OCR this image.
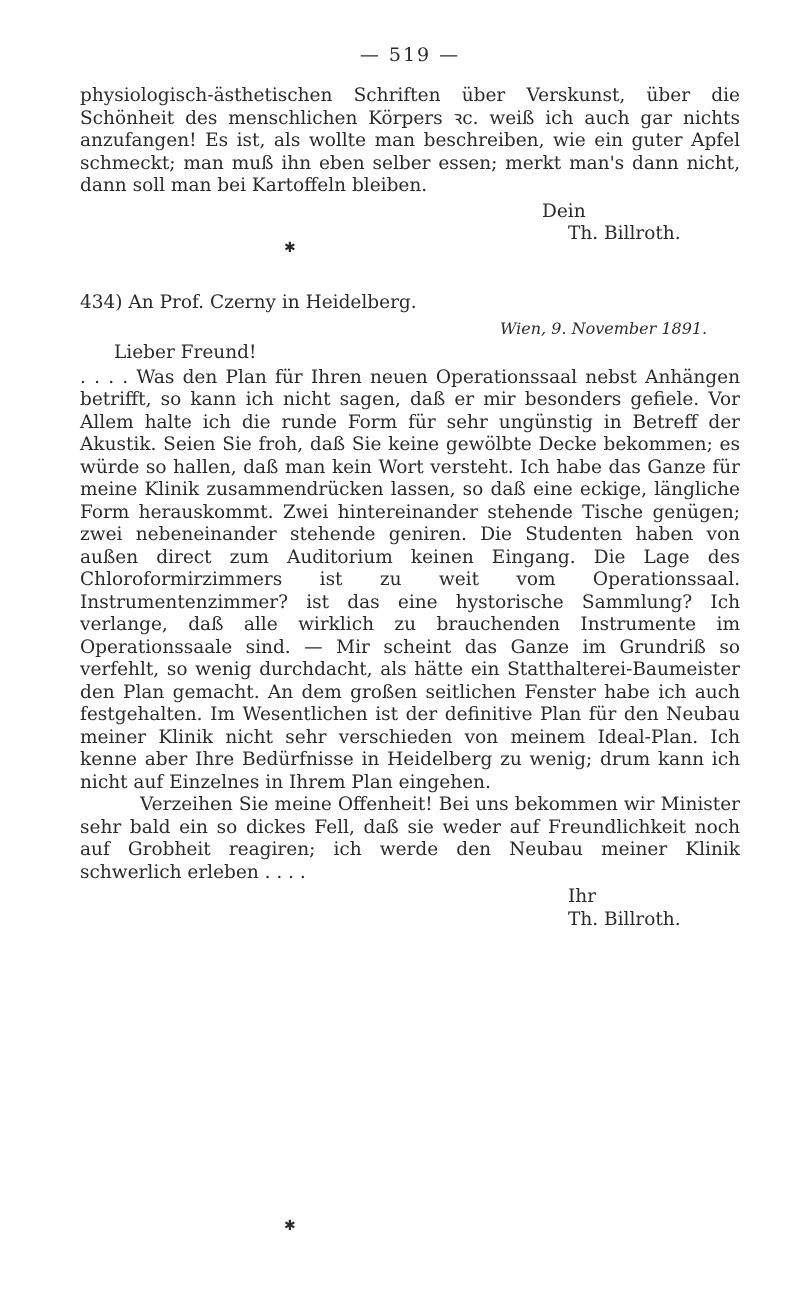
— 519 —

physiologisch-ästhetischen Schriften über Verskunst, über die Schönheit des menschlichen Körpers ꝛc. weiß ich auch gar nichts anzufangen! Es ist, als wollte man beschreiben, wie ein guter Apfel schmeckt; man muß ihn eben selber essen; merkt man's dann nicht, dann soll man bei Kartoffeln bleiben.

Dein

Th. Billroth.

✱

434) An Prof. Czerny in Heidelberg.

Wien, 9. November 1891.

Lieber Freund!

. . . . Was den Plan für Ihren neuen Operationssaal nebst Anhängen betrifft, so kann ich nicht sagen, daß er mir besonders gefiele. Vor Allem halte ich die runde Form für sehr ungünstig in Betreff der Akustik. Seien Sie froh, daß Sie keine gewölbte Decke bekommen; es würde so hallen, daß man kein Wort versteht. Ich habe das Ganze für meine Klinik zusammendrücken lassen, so daß eine eckige, längliche Form herauskommt. Zwei hintereinander stehende Tische genügen; zwei nebeneinander stehende geniren. Die Studenten haben von außen direct zum Auditorium keinen Eingang. Die Lage des Chloroformirzimmers ist zu weit vom Operationssaal. Instrumentenzimmer? ist das eine hystorische Sammlung? Ich verlange, daß alle wirklich zu brauchenden Instrumente im Operationssaale sind. — Mir scheint das Ganze im Grundriß so verfehlt, so wenig durchdacht, als hätte ein Statthalterei-Baumeister den Plan gemacht. An dem großen seitlichen Fenster habe ich auch festgehalten. Im Wesentlichen ist der definitive Plan für den Neubau meiner Klinik nicht sehr verschieden von meinem Ideal-Plan. Ich kenne aber Ihre Bedürfnisse in Heidelberg zu wenig; drum kann ich nicht auf Einzelnes in Ihrem Plan eingehen.

Verzeihen Sie meine Offenheit! Bei uns bekommen wir Minister sehr bald ein so dickes Fell, daß sie weder auf Freundlichkeit noch auf Grobheit reagiren; ich werde den Neubau meiner Klinik schwerlich erleben . . . .

Ihr

Th. Billroth.

✱
